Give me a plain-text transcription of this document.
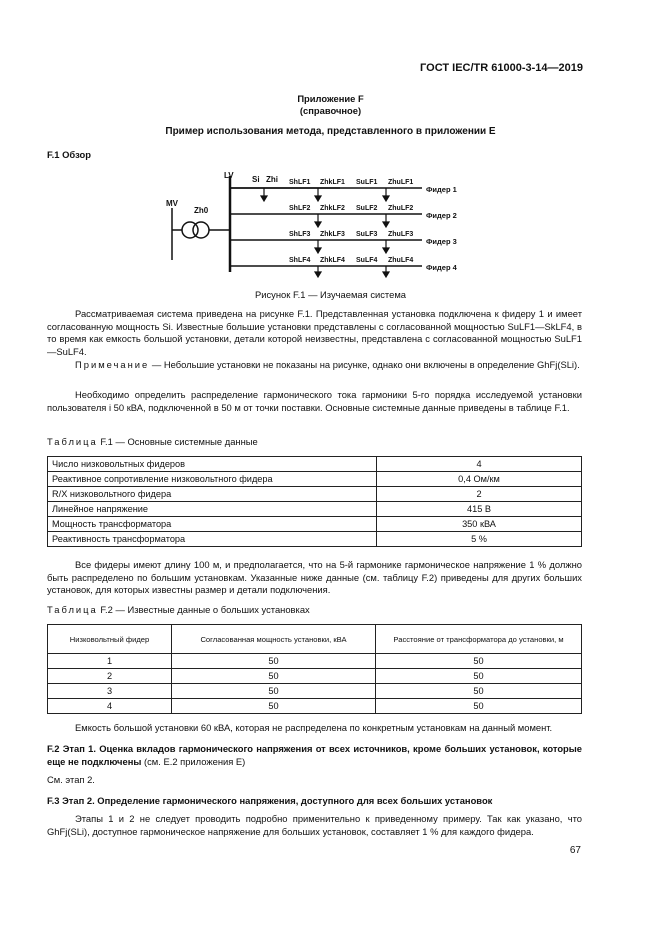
ГОСТ IEC/TR 61000-3-14—2019
Приложение F
(справочное)
Пример использования метода, представленного в приложении Е
F.1 Обзор
LV
MV
Zh0
Si Zhi ShLF1 ZhkLF1 SuLF1 ZhuLF1
Фидер 1
ShLF2 ZhkLF2 SuLF2 ZhuLF2
Фидер 2
ShLF3 ZhkLF3 SuLF3 ZhuLF3
Фидер 3
ShLF4 ZhkLF4 SuLF4 ZhuLF4
Фидер 4
Рисунок F.1 — Изучаемая система
Рассматриваемая система приведена на рисунке F.1. Представленная установка подключена к фидеру 1 и имеет согласованную мощность Si. Известные большие установки представлены с согласованной мощностью SuLF1—SkLF4, в то время как емкость большой установки, детали которой неизвестны, представлена с согласованной мощностью SuLF1—SuLF4.
Примечание — Небольшие установки не показаны на рисунке, однако они включены в определение GhFj(SLi).
Необходимо определить распределение гармонического тока гармоники 5-го порядка исследуемой установки пользователя i 50 кВА, подключенной в 50 м от точки поставки. Основные системные данные приведены в таблице F.1.
Таблица F.1 — Основные системные данные
Число низковольтных фидеров	4
Реактивное сопротивление низковольтного фидера	0,4 Ом/км
R/X низковольтного фидера	2
Линейное напряжение	415 В
Мощность трансформатора	350 кВА
Реактивность трансформатора	5 %
Все фидеры имеют длину 100 м, и предполагается, что на 5-й гармонике гармоническое напряжение 1 % должно быть распределено по большим установкам. Указанные ниже данные (см. таблицу F.2) приведены для других больших установок, для которых известны размер и детали подключения.
Таблица F.2 — Известные данные о больших установках
Низковольтный фидер	Согласованная мощность установки, кВА	Расстояние от трансформатора до установки, м
1	50	50
2	50	50
3	50	50
4	50	50
Емкость большой установки 60 кВА, которая не распределена по конкретным установкам на данный момент.
F.2 Этап 1. Оценка вкладов гармонического напряжения от всех источников, кроме больших установок, которые еще не подключены (см. Е.2 приложения Е)
См. этап 2.
F.3 Этап 2. Определение гармонического напряжения, доступного для всех больших установок
Этапы 1 и 2 не следует проводить подробно применительно к приведенному примеру. Так как указано, что GhFj(SLi), доступное гармоническое напряжение для больших установок, составляет 1 % для каждого фидера.
67
